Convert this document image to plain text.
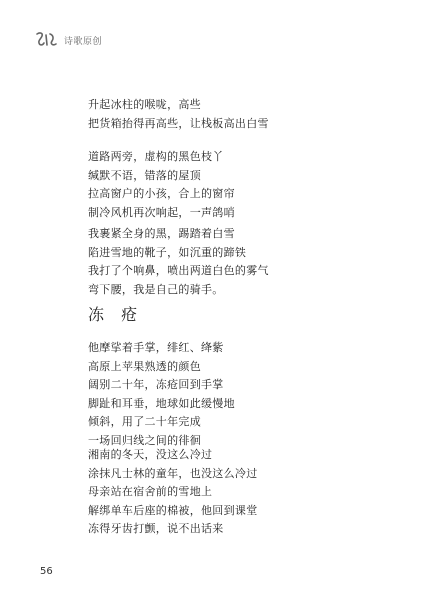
诗歌原创
升起冰柱的喉咙，高些
把货箱抬得再高些，让栈板高出白雪
道路两旁，虚构的黑色枝丫
缄默不语，错落的屋顶
拉高窗户的小孩，合上的窗帘
制冷风机再次响起，一声鸽哨
我裹紧全身的黑，踢踏着白雪
陷进雪地的靴子，如沉重的蹄铁
我打了个响鼻，喷出两道白色的雾气
弯下腰，我是自己的骑手。
冻 疮
他摩挲着手掌，绯红、绛紫
高原上苹果熟透的颜色
阔别二十年，冻疮回到手掌
脚趾和耳垂，地球如此缓慢地
倾斜，用了二十年完成
一场回归线之间的徘徊
湘南的冬天，没这么冷过
涂抹凡士林的童年，也没这么冷过
母亲站在宿舍前的雪地上
解绑单车后座的棉被，他回到课堂
冻得牙齿打颤，说不出话来
56
